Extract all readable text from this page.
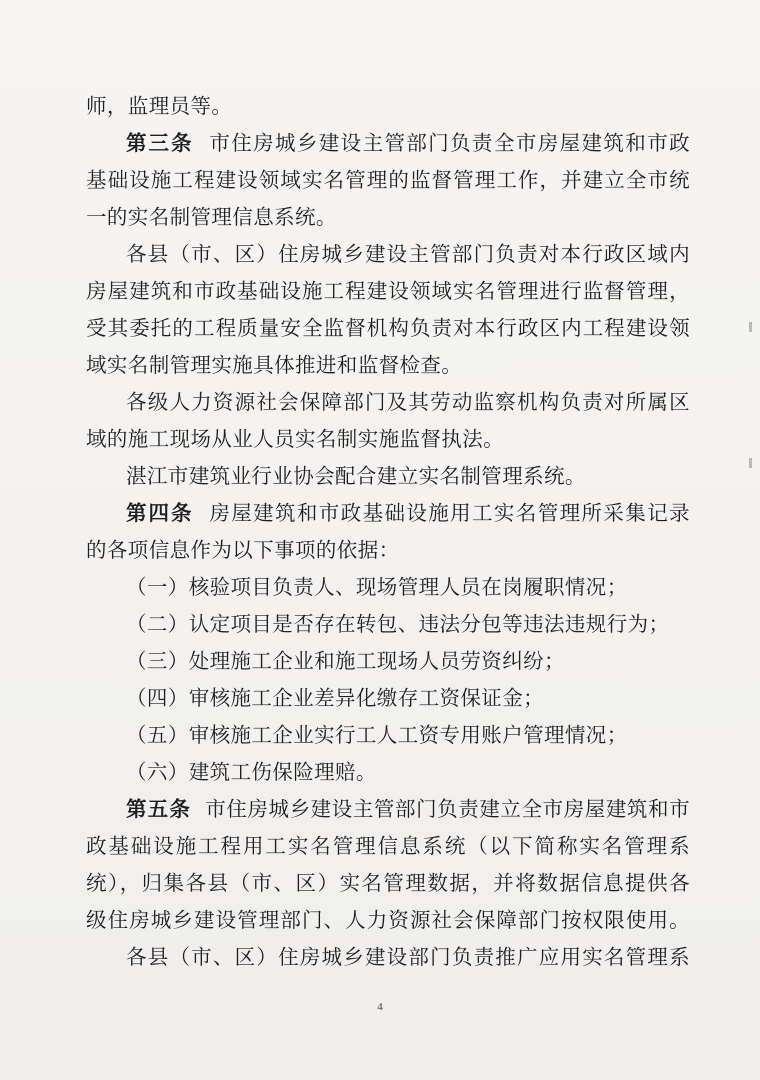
师，监理员等。
第三条 市住房城乡建设主管部门负责全市房屋建筑和市政
基础设施工程建设领域实名管理的监督管理工作，并建立全市统
一的实名制管理信息系统。
各县（市、区）住房城乡建设主管部门负责对本行政区域内
房屋建筑和市政基础设施工程建设领域实名管理进行监督管理，
受其委托的工程质量安全监督机构负责对本行政区内工程建设领
域实名制管理实施具体推进和监督检查。
各级人力资源社会保障部门及其劳动监察机构负责对所属区
域的施工现场从业人员实名制实施监督执法。
湛江市建筑业行业协会配合建立实名制管理系统。
第四条 房屋建筑和市政基础设施用工实名管理所采集记录
的各项信息作为以下事项的依据：
（一）核验项目负责人、现场管理人员在岗履职情况；
（二）认定项目是否存在转包、违法分包等违法违规行为；
（三）处理施工企业和施工现场人员劳资纠纷；
（四）审核施工企业差异化缴存工资保证金；
（五）审核施工企业实行工人工资专用账户管理情况；
（六）建筑工伤保险理赔。
第五条 市住房城乡建设主管部门负责建立全市房屋建筑和市
政基础设施工程用工实名管理信息系统（以下简称实名管理系
统），归集各县（市、区）实名管理数据，并将数据信息提供各
级住房城乡建设管理部门、人力资源社会保障部门按权限使用。
各县（市、区）住房城乡建设部门负责推广应用实名管理系
4
